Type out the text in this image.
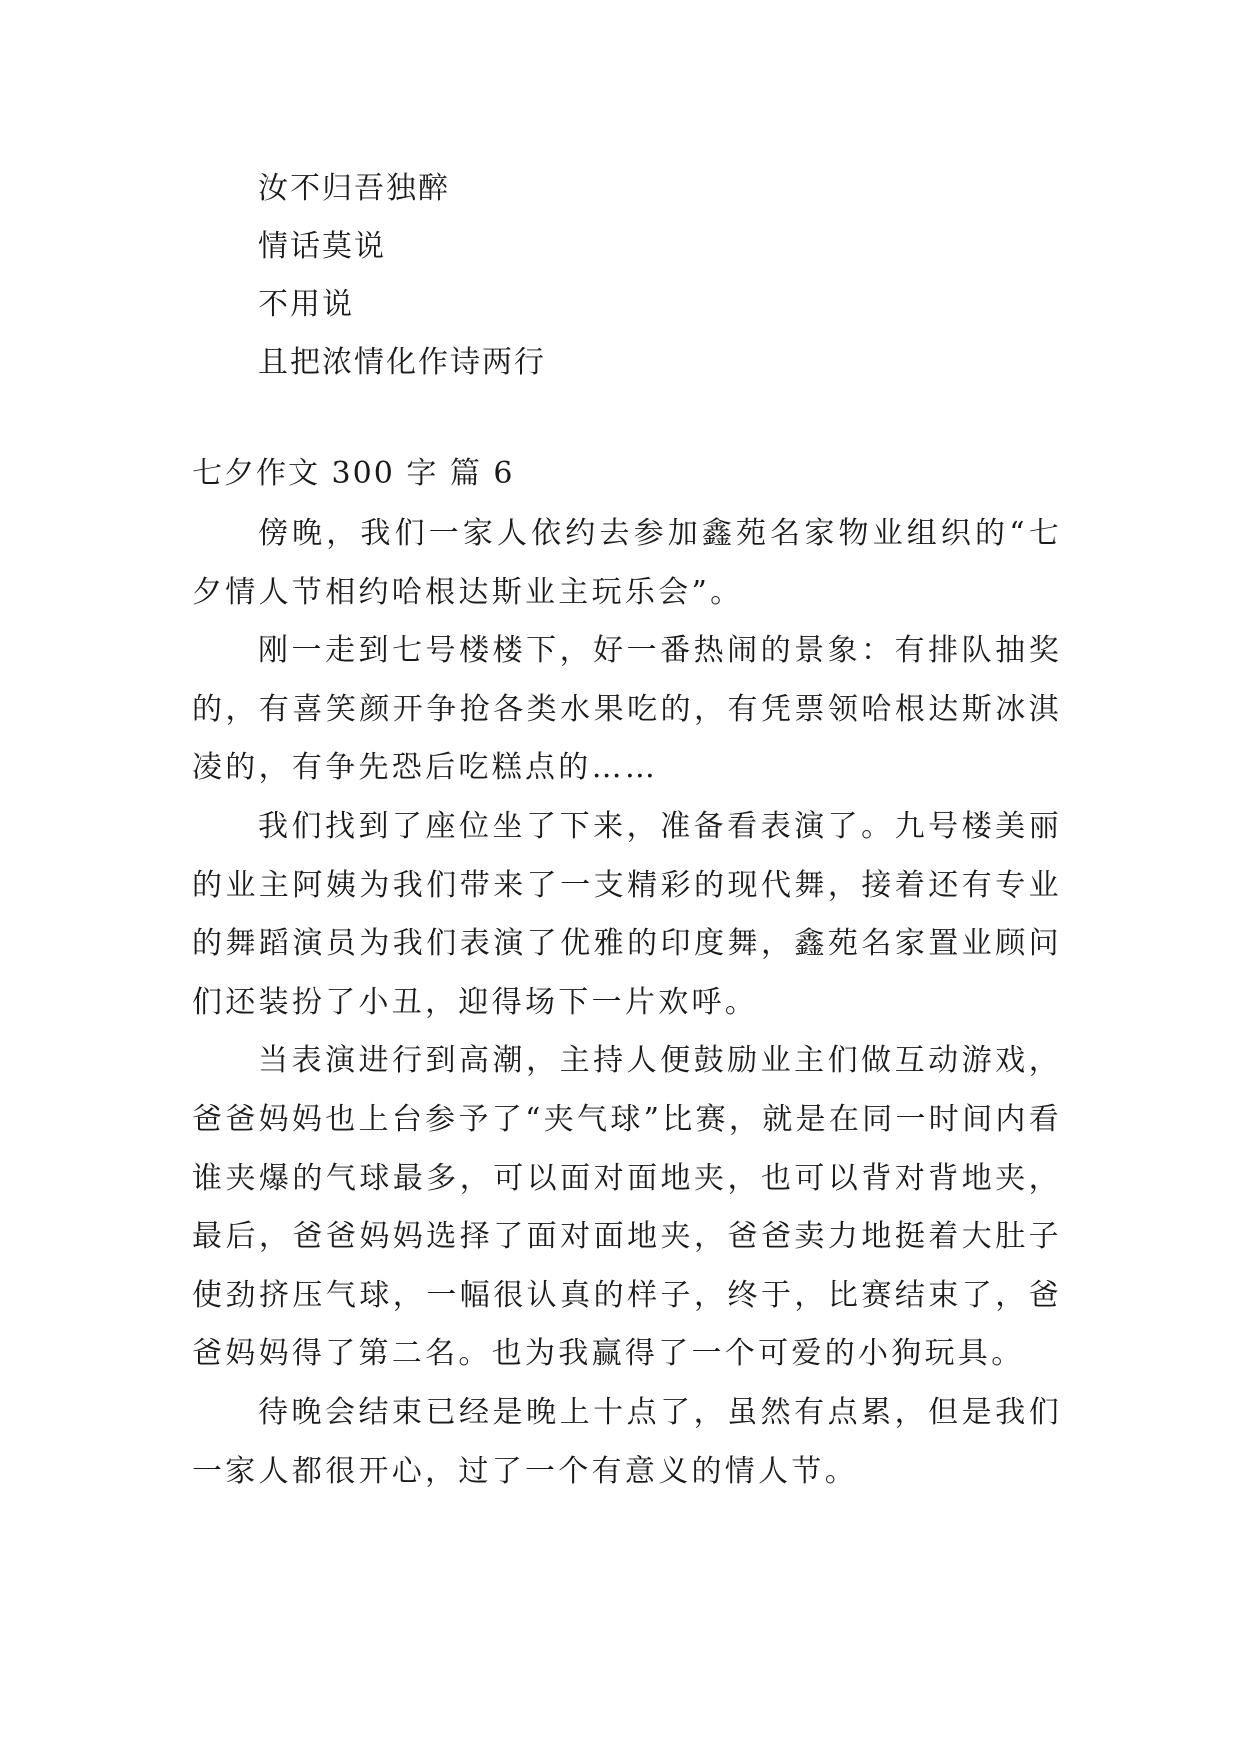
汝不归吾独醉
情话莫说
不用说
且把浓情化作诗两行
七夕作文 300 字 篇 6

傍晚，我们一家人依约去参加鑫苑名家物业组织的“七夕情人节相约哈根达斯业主玩乐会”。

刚一走到七号楼楼下，好一番热闹的景象：有排队抽奖的，有喜笑颜开争抢各类水果吃的，有凭票领哈根达斯冰淇凌的，有争先恐后吃糕点的……

我们找到了座位坐了下来，准备看表演了。九号楼美丽的业主阿姨为我们带来了一支精彩的现代舞，接着还有专业的舞蹈演员为我们表演了优雅的印度舞，鑫苑名家置业顾问们还装扮了小丑，迎得场下一片欢呼。

当表演进行到高潮，主持人便鼓励业主们做互动游戏，爸爸妈妈也上台参予了“夹气球”比赛，就是在同一时间内看谁夹爆的气球最多，可以面对面地夹，也可以背对背地夹，最后，爸爸妈妈选择了面对面地夹，爸爸卖力地挺着大肚子使劲挤压气球，一幅很认真的样子，终于，比赛结束了，爸爸妈妈得了第二名。也为我赢得了一个可爱的小狗玩具。

待晚会结束已经是晚上十点了，虽然有点累，但是我们一家人都很开心，过了一个有意义的情人节。
